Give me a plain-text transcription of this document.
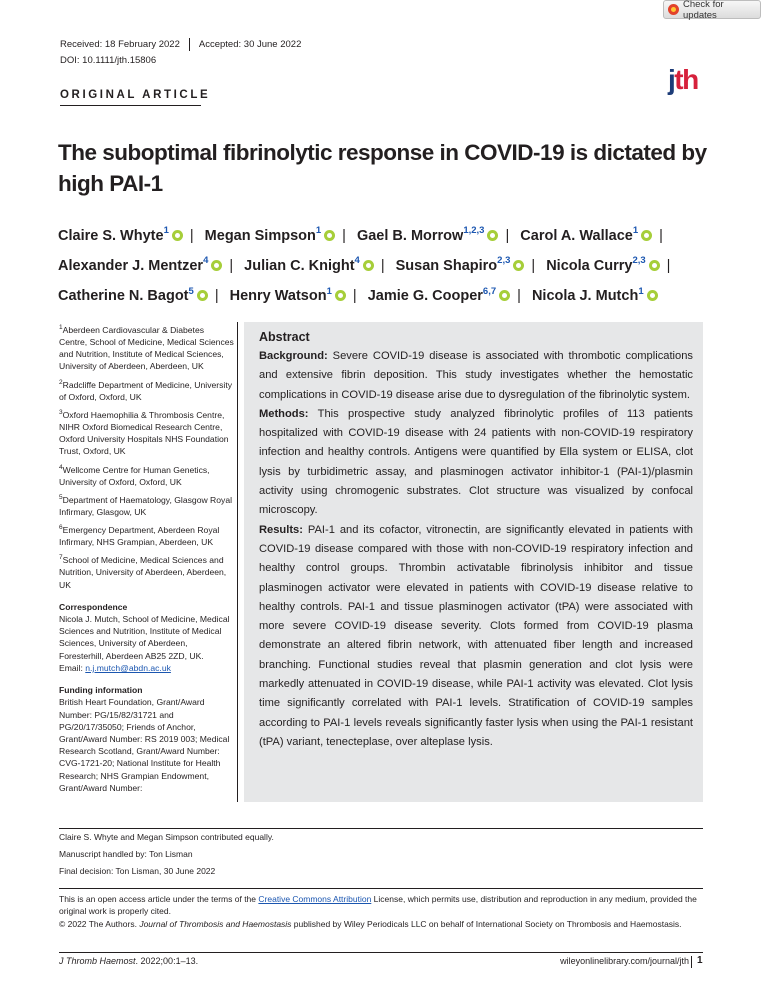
Check for updates
Received: 18 February 2022 Accepted: 30 June 2022
DOI: 10.1111/jth.15806
ORIGINAL ARTICLE	jth
The suboptimal fibrinolytic response in COVID-19 is dictated by high PAI-1
Claire S. Whyte$^1$ | Megan Simpson$^1$ | Gael B. Morrow$^{1,2,3}$ | Carol A. Wallace$^1$ | Alexander J. Mentzer$^4$ | Julian C. Knight$^4$ | Susan Shapiro$^{2,3}$ | Nicola Curry$^{2,3}$ | Catherine N. Bagot$^5$ | Henry Watson$^1$ | Jamie G. Cooper$^{6,7}$ | Nicola J. Mutch$^1$
$^1$Aberdeen Cardiovascular & Diabetes Centre, School of Medicine, Medical Sciences and Nutrition, Institute of Medical Sciences, University of Aberdeen, Aberdeen, UK
$^2$Radcliffe Department of Medicine, University of Oxford, Oxford, UK
$^3$Oxford Haemophilia & Thrombosis Centre, NIHR Oxford Biomedical Research Centre, Oxford University Hospitals NHS Foundation Trust, Oxford, UK
$^4$Wellcome Centre for Human Genetics, University of Oxford, Oxford, UK
$^5$Department of Haematology, Glasgow Royal Infirmary, Glasgow, UK
$^6$Emergency Department, Aberdeen Royal Infirmary, NHS Grampian, Aberdeen, UK
$^7$School of Medicine, Medical Sciences and Nutrition, University of Aberdeen, Aberdeen, UK
Correspondence
Nicola J. Mutch, School of Medicine, Medical Sciences and Nutrition, Institute of Medical Sciences, University of Aberdeen, Foresterhill, Aberdeen AB25 2ZD, UK.
Email: n.j.mutch@abdn.ac.uk
Funding information
British Heart Foundation, Grant/Award Number: PG/15/82/31721 and PG/20/17/35050; Friends of Anchor, Grant/Award Number: RS 2019 003; Medical Research Scotland, Grant/Award Number: CVG-1721-20; National Institute for Health Research; NHS Grampian Endowment, Grant/Award Number:
Abstract

Background: Severe COVID-19 disease is associated with thrombotic complications and extensive fibrin deposition. This study investigates whether the hemostatic complications in COVID-19 disease arise due to dysregulation of the fibrinolytic system.

Methods: This prospective study analyzed fibrinolytic profiles of 113 patients hospitalized with COVID-19 disease with 24 patients with non-COVID-19 respiratory infection and healthy controls. Antigens were quantified by Ella system or ELISA, clot lysis by turbidimetric assay, and plasminogen activator inhibitor-1 (PAI-1)/plasmin activity using chromogenic substrates. Clot structure was visualized by confocal microscopy.

Results: PAI-1 and its cofactor, vitronectin, are significantly elevated in patients with COVID-19 disease compared with those with non-COVID-19 respiratory infection and healthy control groups. Thrombin activatable fibrinolysis inhibitor and tissue plasminogen activator were elevated in patients with COVID-19 disease relative to healthy controls. PAI-1 and tissue plasminogen activator (tPA) were associated with more severe COVID-19 disease severity. Clots formed from COVID-19 plasma demonstrate an altered fibrin network, with attenuated fiber length and increased branching. Functional studies reveal that plasmin generation and clot lysis were markedly attenuated in COVID-19 disease, while PAI-1 activity was elevated. Clot lysis time significantly correlated with PAI-1 levels. Stratification of COVID-19 samples according to PAI-1 levels reveals significantly faster lysis when using the PAI-1 resistant (tPA) variant, tenecteplase, over alteplase lysis.

Claire S. Whyte and Megan Simpson contributed equally.
Manuscript handled by: Ton Lisman
Final decision: Ton Lisman, 30 June 2022
This is an open access article under the terms of the Creative Commons Attribution License, which permits use, distribution and reproduction in any medium, provided the original work is properly cited.
© 2022 The Authors. Journal of Thrombosis and Haemostasis published by Wiley Periodicals LLC on behalf of International Society on Thrombosis and Haemostasis.
J Thromb Haemost. 2022;00:1–13.	wileyonlinelibrary.com/journal/jth 1
